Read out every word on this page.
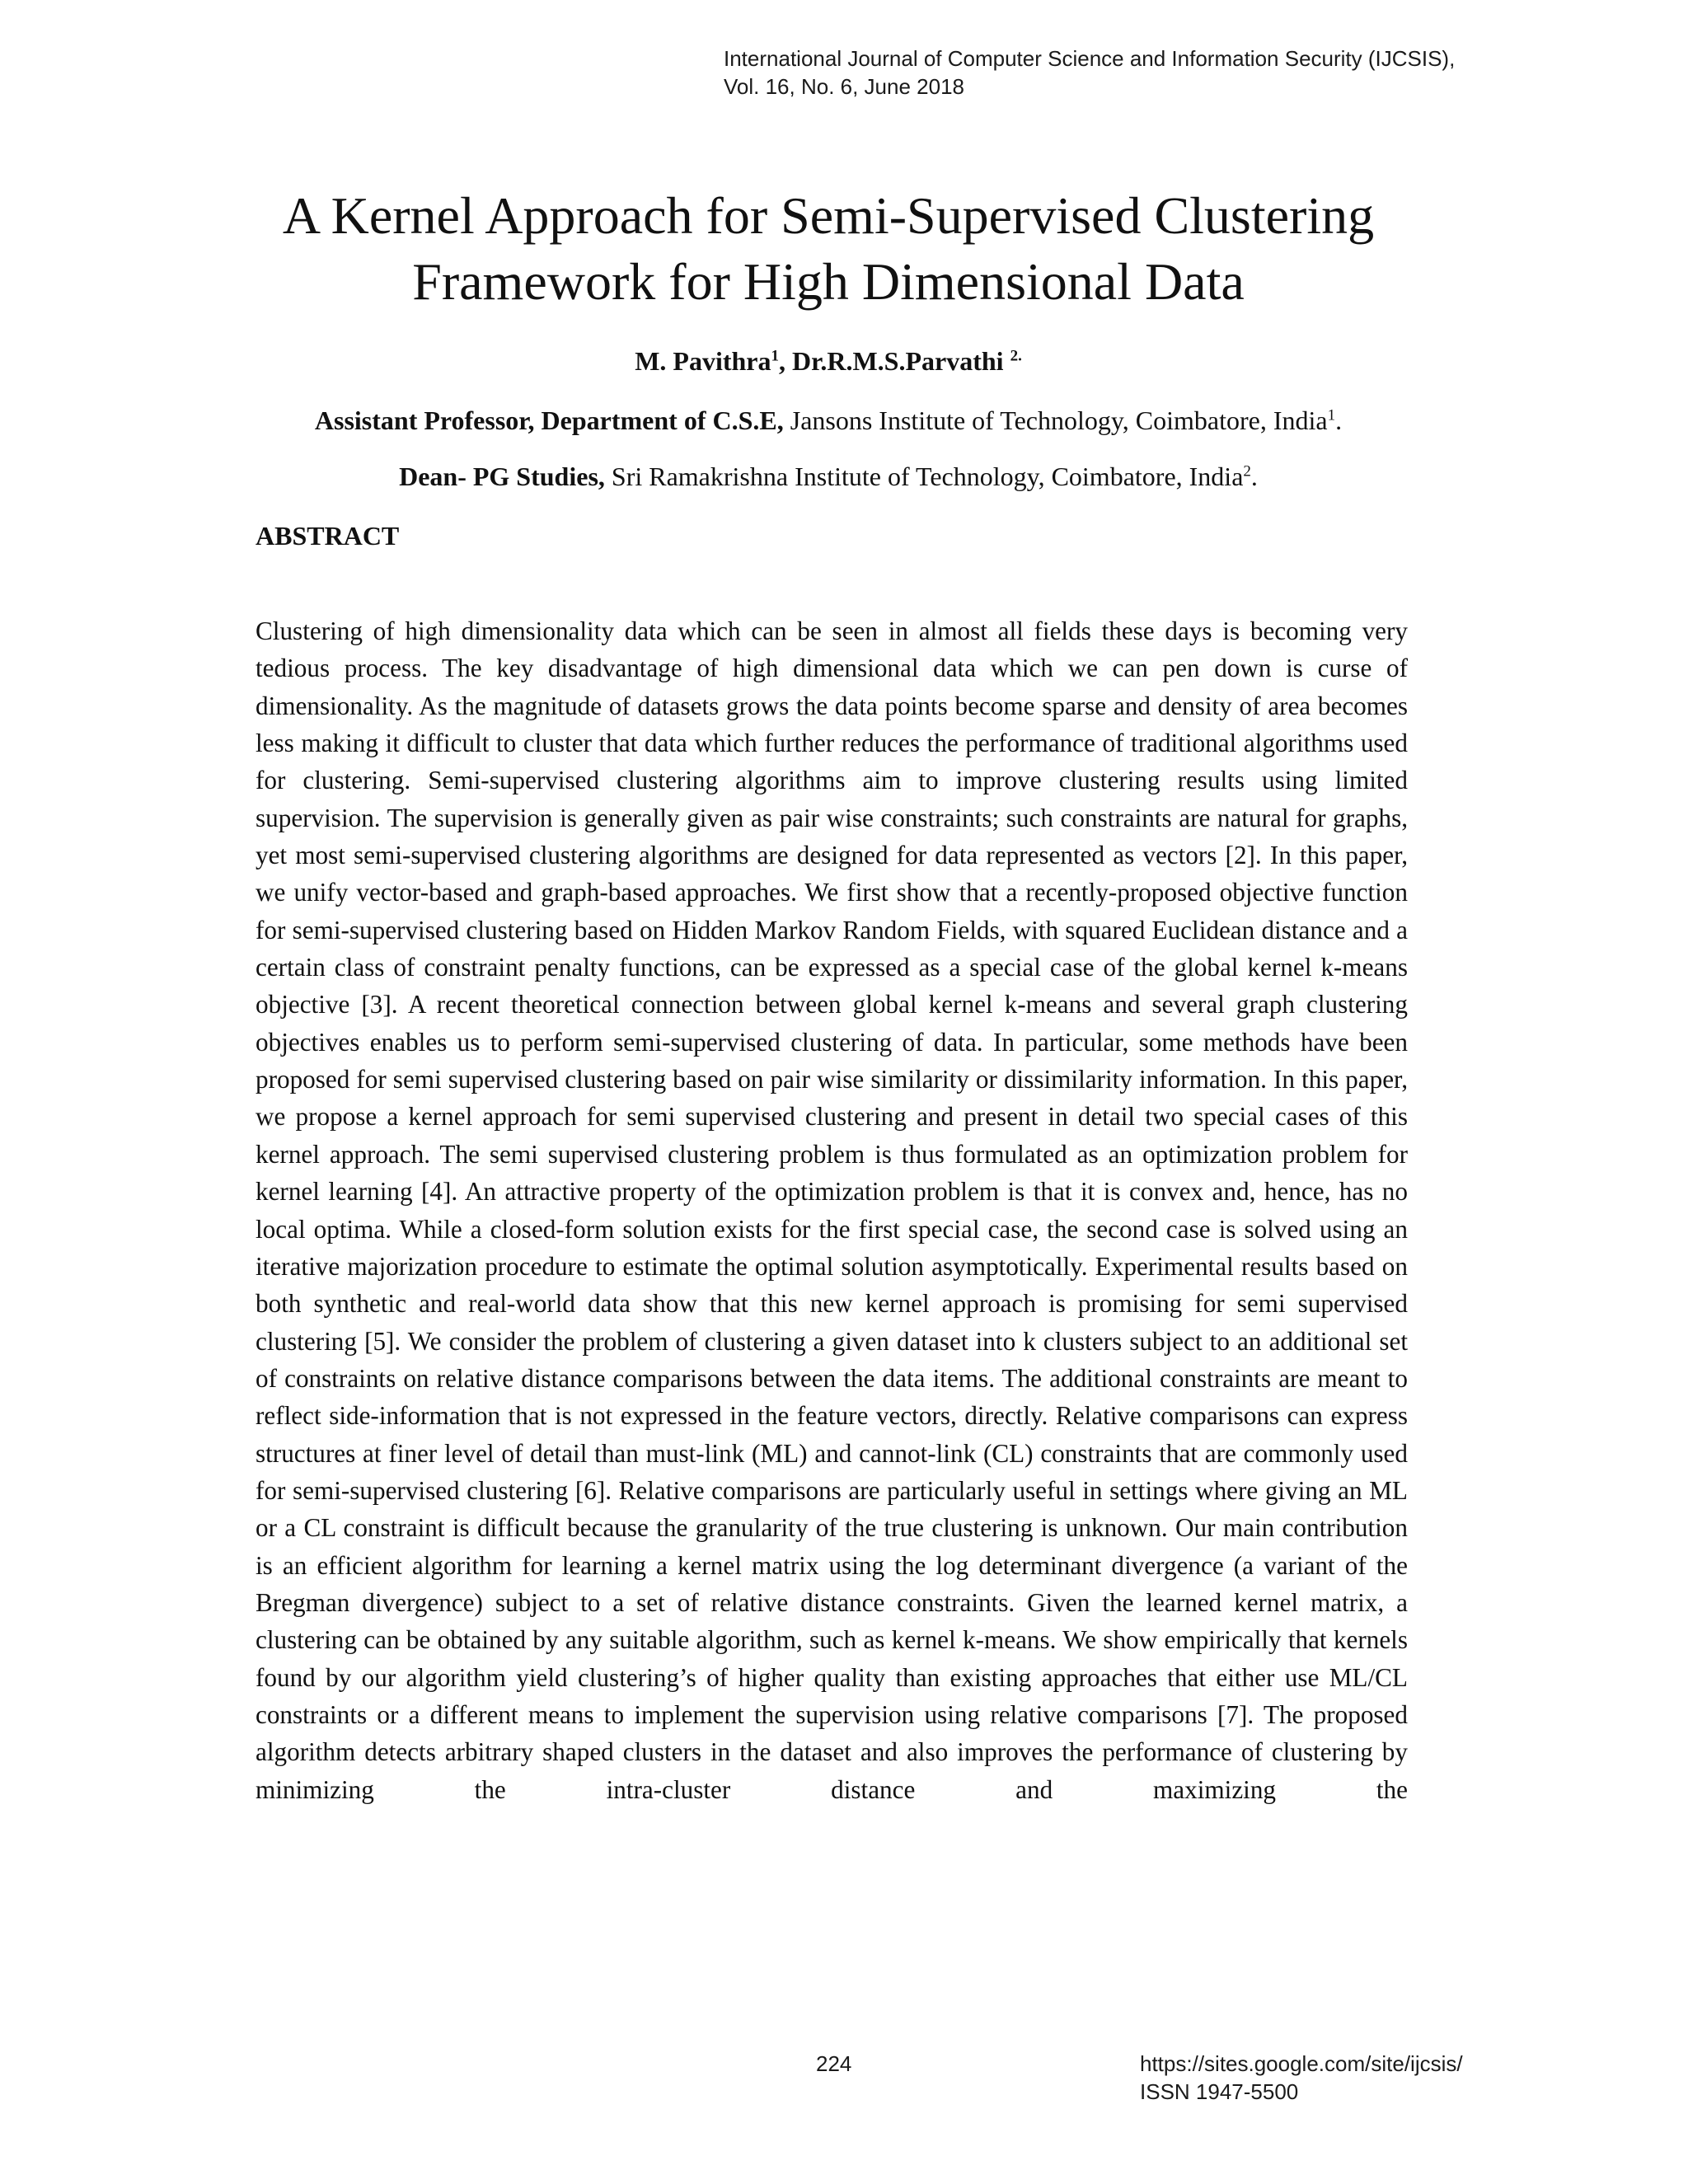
International Journal of Computer Science and Information Security (IJCSIS),
Vol. 16, No. 6, June 2018
A Kernel Approach for Semi-Supervised Clustering
Framework for High Dimensional Data
M. Pavithra$^1$, Dr.R.M.S.Parvathi $^{2.}$
Assistant Professor, Department of C.S.E, Jansons Institute of Technology, Coimbatore, India$^1$.
Dean- PG Studies, Sri Ramakrishna Institute of Technology, Coimbatore, India$^2$.
ABSTRACT
Clustering of high dimensionality data which can be seen in almost all fields these days is becoming very tedious process. The key disadvantage of high dimensional data which we can pen down is curse of dimensionality. As the magnitude of datasets grows the data points become sparse and density of area becomes less making it difficult to cluster that data which further reduces the performance of traditional algorithms used for clustering. Semi-supervised clustering algorithms aim to improve clustering results using limited supervision. The supervision is generally given as pair wise constraints; such constraints are natural for graphs, yet most semi-supervised clustering algorithms are designed for data represented as vectors [2]. In this paper, we unify vector-based and graph-based approaches. We first show that a recently-proposed objective function for semi-supervised clustering based on Hidden Markov Random Fields, with squared Euclidean distance and a certain class of constraint penalty functions, can be expressed as a special case of the global kernel k-means objective [3]. A recent theoretical connection between global kernel k-means and several graph clustering objectives enables us to perform semi-supervised clustering of data. In particular, some methods have been proposed for semi supervised clustering based on pair wise similarity or dissimilarity information. In this paper, we propose a kernel approach for semi supervised clustering and present in detail two special cases of this kernel approach. The semi supervised clustering problem is thus formulated as an optimization problem for kernel learning [4]. An attractive property of the optimization problem is that it is convex and, hence, has no local optima. While a closed-form solution exists for the first special case, the second case is solved using an iterative majorization procedure to estimate the optimal solution asymptotically. Experimental results based on both synthetic and real-world data show that this new kernel approach is promising for semi supervised clustering [5]. We consider the problem of clustering a given dataset into k clusters subject to an additional set of constraints on relative distance comparisons between the data items. The additional constraints are meant to reflect side-information that is not expressed in the feature vectors, directly. Relative comparisons can express structures at finer level of detail than must-link (ML) and cannot-link (CL) constraints that are commonly used for semi-supervised clustering [6]. Relative comparisons are particularly useful in settings where giving an ML or a CL constraint is difficult because the granularity of the true clustering is unknown. Our main contribution is an efficient algorithm for learning a kernel matrix using the log determinant divergence (a variant of the Bregman divergence) subject to a set of relative distance constraints. Given the learned kernel matrix, a clustering can be obtained by any suitable algorithm, such as kernel k-means. We show empirically that kernels found by our algorithm yield clustering’s of higher quality than existing approaches that either use ML/CL constraints or a different means to implement the supervision using relative comparisons [7]. The proposed algorithm detects arbitrary shaped clusters in the dataset and also improves the performance of clustering by minimizing the intra-cluster distance and maximizing the
224	https://sites.google.com/site/ijcsis/
ISSN 1947-5500
